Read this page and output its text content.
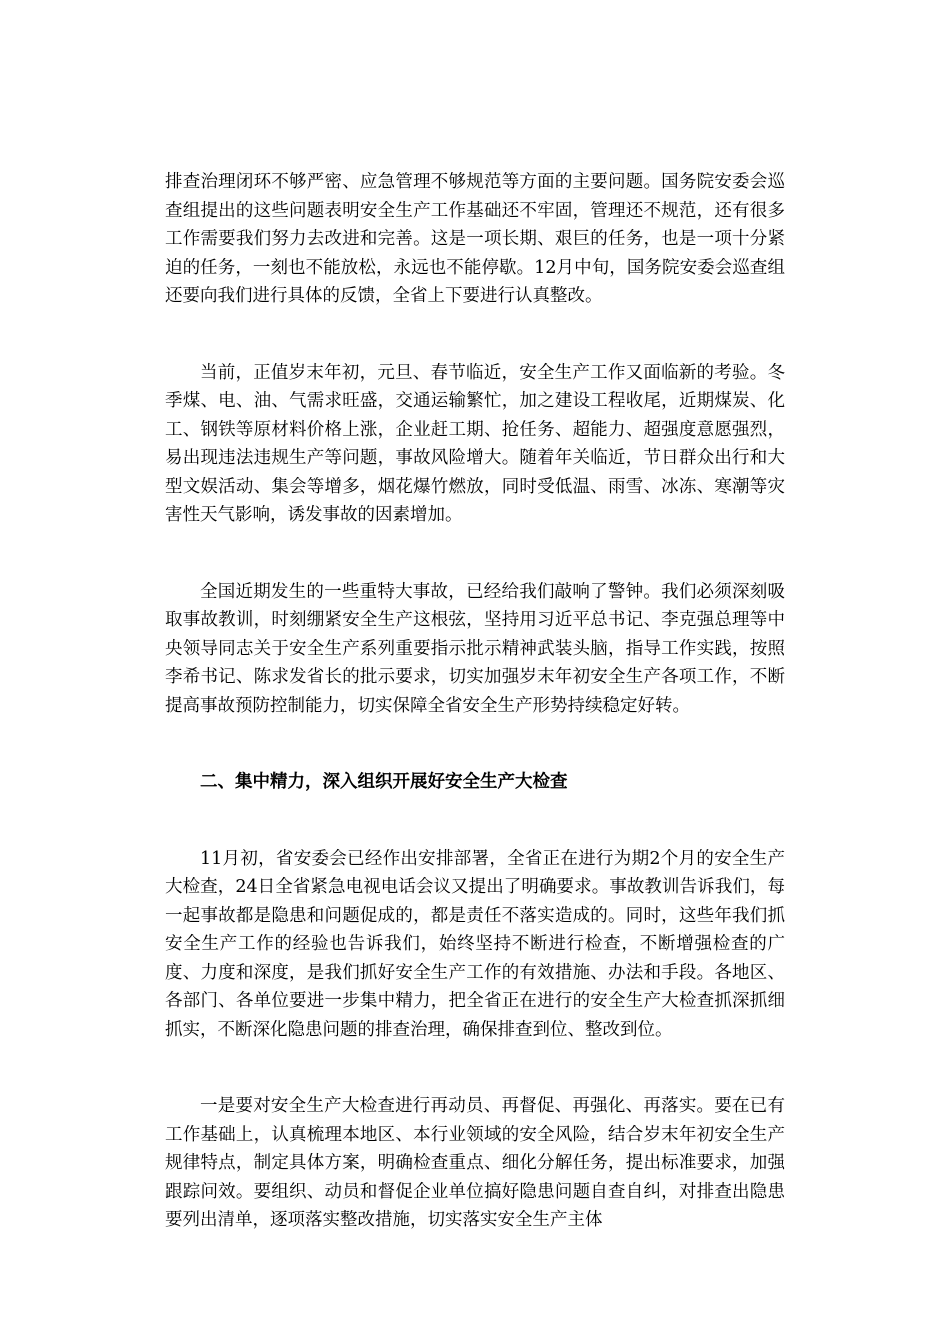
排查治理闭环不够严密、应急管理不够规范等方面的主要问题。国务院安委会巡查组提出的这些问题表明安全生产工作基础还不牢固，管理还不规范，还有很多工作需要我们努力去改进和完善。这是一项长期、艰巨的任务，也是一项十分紧迫的任务，一刻也不能放松，永远也不能停歇。12月中旬，国务院安委会巡查组还要向我们进行具体的反馈，全省上下要进行认真整改。

当前，正值岁末年初，元旦、春节临近，安全生产工作又面临新的考验。冬季煤、电、油、气需求旺盛，交通运输繁忙，加之建设工程收尾，近期煤炭、化工、钢铁等原材料价格上涨，企业赶工期、抢任务、超能力、超强度意愿强烈，易出现违法违规生产等问题，事故风险增大。随着年关临近，节日群众出行和大型文娱活动、集会等增多，烟花爆竹燃放，同时受低温、雨雪、冰冻、寒潮等灾害性天气影响，诱发事故的因素增加。

全国近期发生的一些重特大事故，已经给我们敲响了警钟。我们必须深刻吸取事故教训，时刻绷紧安全生产这根弦，坚持用习近平总书记、李克强总理等中央领导同志关于安全生产系列重要指示批示精神武装头脑，指导工作实践，按照李希书记、陈求发省长的批示要求，切实加强岁末年初安全生产各项工作，不断提高事故预防控制能力，切实保障全省安全生产形势持续稳定好转。

二、集中精力，深入组织开展好安全生产大检查

11月初，省安委会已经作出安排部署，全省正在进行为期2个月的安全生产大检查，24日全省紧急电视电话会议又提出了明确要求。事故教训告诉我们，每一起事故都是隐患和问题促成的，都是责任不落实造成的。同时，这些年我们抓安全生产工作的经验也告诉我们，始终坚持不断进行检查，不断增强检查的广度、力度和深度，是我们抓好安全生产工作的有效措施、办法和手段。各地区、各部门、各单位要进一步集中精力，把全省正在进行的安全生产大检查抓深抓细抓实，不断深化隐患问题的排查治理，确保排查到位、整改到位。

一是要对安全生产大检查进行再动员、再督促、再强化、再落实。要在已有工作基础上，认真梳理本地区、本行业领域的安全风险，结合岁末年初安全生产规律特点，制定具体方案，明确检查重点、细化分解任务，提出标准要求，加强跟踪问效。要组织、动员和督促企业单位搞好隐患问题自查自纠，对排查出隐患要列出清单，逐项落实整改措施，切实落实安全生产主体
